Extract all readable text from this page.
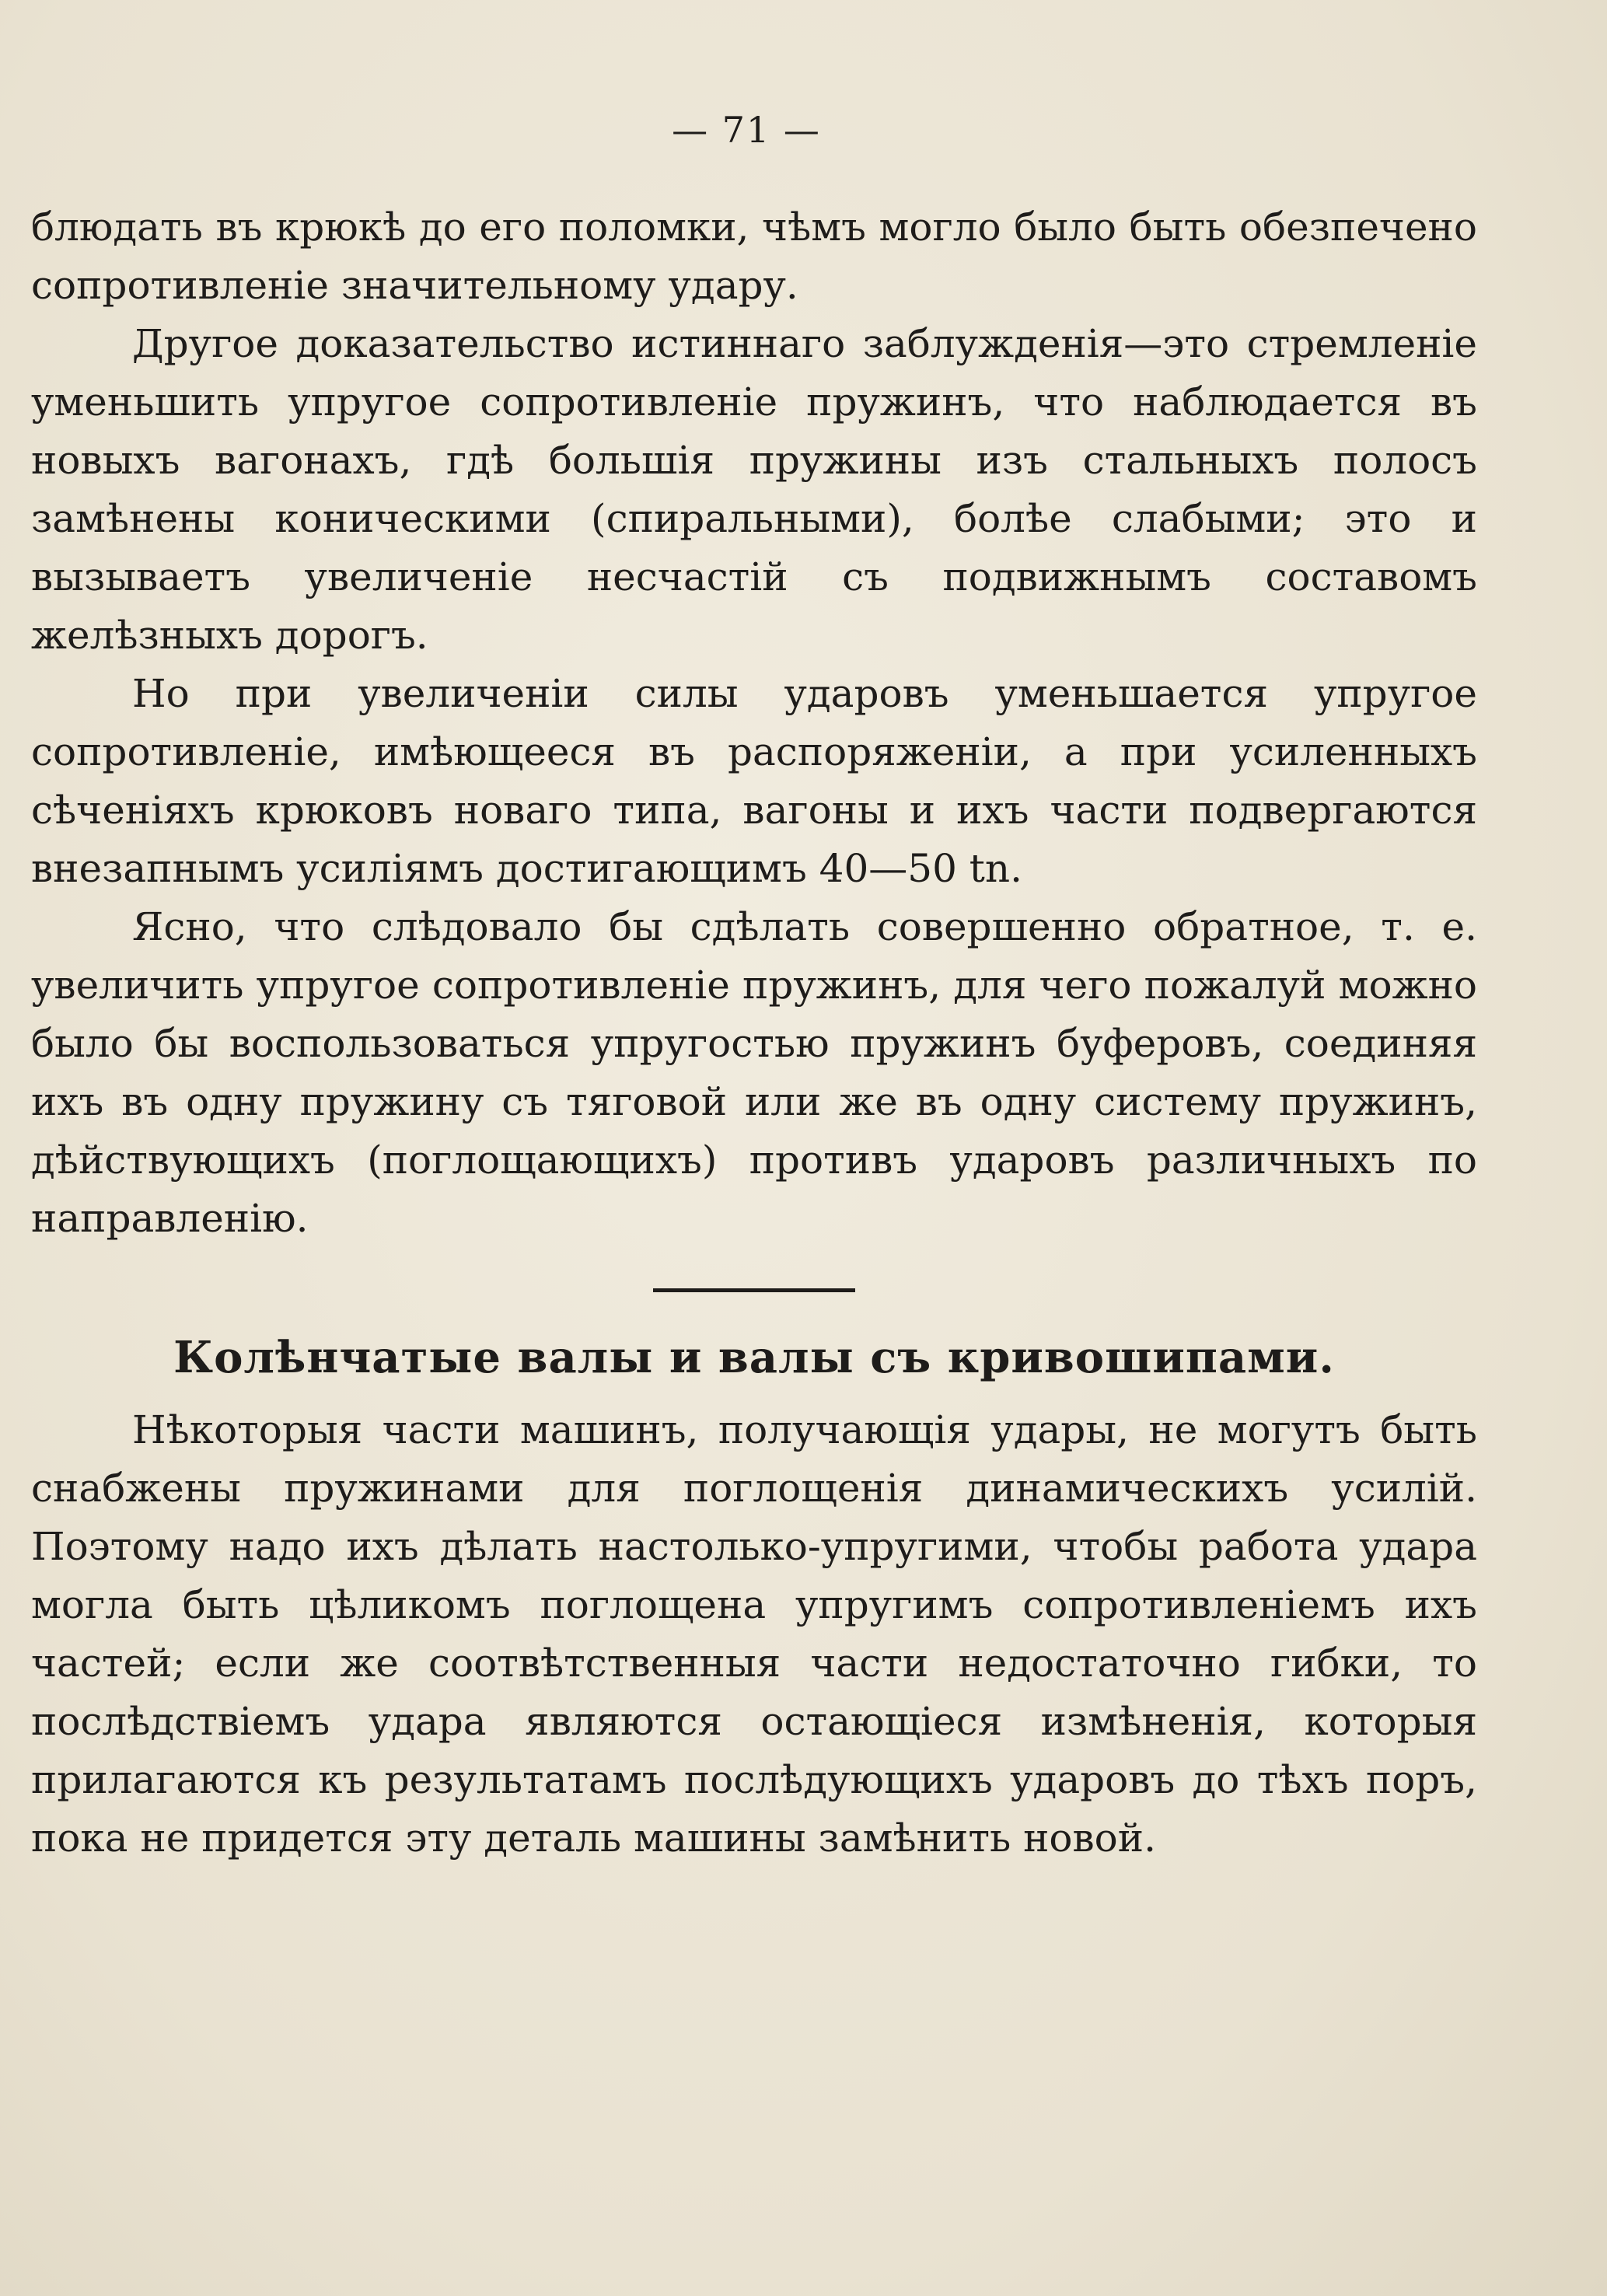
— 71 —

блюдать въ крюкѣ до его поломки, чѣмъ могло было быть обезпечено сопротивленіе значительному удару.

Другое доказательство истиннаго заблужденія—это стремленіе уменьшить упругое сопротивленіе пружинъ, что наблюдается въ новыхъ вагонахъ, гдѣ большія пружины изъ стальныхъ полосъ замѣнены коническими (спиральными), болѣе слабыми; это и вызываетъ увеличеніе несчастій съ подвижнымъ составомъ желѣзныхъ дорогъ.

Но при увеличеніи силы ударовъ уменьшается упругое сопротивленіе, имѣющееся въ распоряженіи, а при усиленныхъ сѣченіяхъ крюковъ новаго типа, вагоны и ихъ части подвергаются внезапнымъ усиліямъ достигающимъ 40—50 tn.

Ясно, что слѣдовало бы сдѣлать совершенно обратное, т. е. увеличить упругое сопротивленіе пружинъ, для чего пожалуй можно было бы воспользоваться упругостью пружинъ буферовъ, соединяя ихъ въ одну пружину съ тяговой или же въ одну систему пружинъ, дѣйствующихъ (поглощающихъ) противъ ударовъ различныхъ по направленію.

Колѣнчатые валы и валы съ кривошипами.

Нѣкоторыя части машинъ, получающія удары, не могутъ быть снабжены пружинами для поглощенія динамическихъ усилій. Поэтому надо ихъ дѣлать настолько-упругими, чтобы работа удара могла быть цѣликомъ поглощена упругимъ сопротивленіемъ ихъ частей; если же соотвѣтственныя части недостаточно гибки, то послѣдствіемъ удара являются остающіеся измѣненія, которыя прилагаются къ результатамъ послѣдующихъ ударовъ до тѣхъ поръ, пока не придется эту деталь машины замѣнить новой.
